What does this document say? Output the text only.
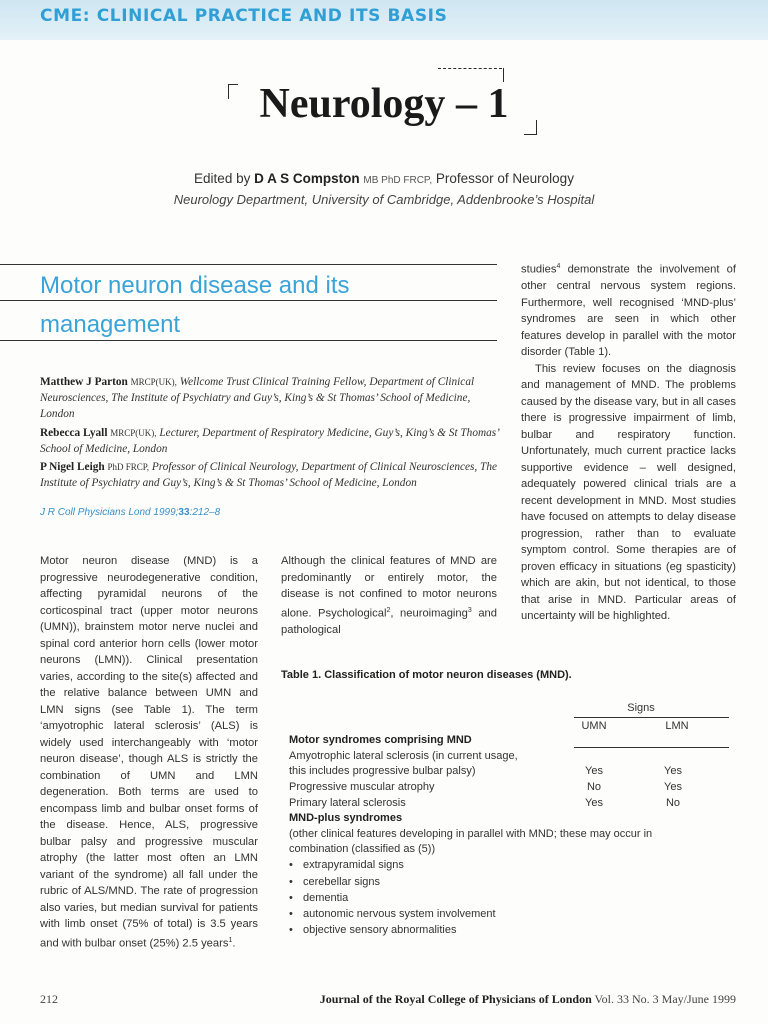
CME: CLINICAL PRACTICE AND ITS BASIS
Neurology – 1
Edited by D A S Compston MB PhD FRCP, Professor of Neurology
Neurology Department, University of Cambridge, Addenbrooke’s Hospital
Motor neuron disease and its
management
Matthew J Parton MRCP(UK), Wellcome Trust Clinical Training Fellow, Department of Clinical Neurosciences, The Institute of Psychiatry and Guy’s, King’s & St Thomas’ School of Medicine, London
Rebecca Lyall MRCP(UK), Lecturer, Department of Respiratory Medicine, Guy’s, King’s & St Thomas’ School of Medicine, London
P Nigel Leigh PhD FRCP, Professor of Clinical Neurology, Department of Clinical Neurosciences, The Institute of Psychiatry and Guy’s, King’s & St Thomas’ School of Medicine, London
J R Coll Physicians Lond 1999;33:212–8
Motor neuron disease (MND) is a progressive neurodegenerative condition, affecting pyramidal neurons of the corticospinal tract (upper motor neurons (UMN)), brainstem motor nerve nuclei and spinal cord anterior horn cells (lower motor neurons (LMN)). Clinical presentation varies, according to the site(s) affected and the relative balance between UMN and LMN signs (see Table 1). The term ‘amyotrophic lateral sclerosis’ (ALS) is widely used interchangeably with ‘motor neuron disease’, though ALS is strictly the combination of UMN and LMN degeneration. Both terms are used to encompass limb and bulbar onset forms of the disease. Hence, ALS, progressive bulbar palsy and progressive muscular atrophy (the latter most often an LMN variant of the syndrome) all fall under the rubric of ALS/MND. The rate of progression also varies, but median survival for patients with limb onset (75% of total) is 3.5 years and with bulbar onset (25%) 2.5 years$^1$.
Although the clinical features of MND are predominantly or entirely motor, the disease is not confined to motor neurons alone. Psychological$^2$, neuroimaging$^3$ and pathological

studies$^4$ demonstrate the involvement of other central nervous system regions. Furthermore, well recognised ‘MND-plus’ syndromes are seen in which other features develop in parallel with the motor disorder (Table 1).

This review focuses on the diagnosis and management of MND. The problems caused by the disease vary, but in all cases there is progressive impairment of limb, bulbar and respiratory function. Unfortunately, much current practice lacks supportive evidence – well designed, adequately powered clinical trials are a recent development in MND. Most studies have focused on attempts to delay disease progression, rather than to evaluate symptom control. Some therapies are of proven efficacy in situations (eg spasticity) which are akin, but not identical, to those that arise in MND. Particular areas of uncertainty will be highlighted.

Table 1. Classification of motor neuron diseases (MND).
Signs
UMN	LMN
Motor syndromes comprising MND
Amyotrophic lateral sclerosis (in current usage,
this includes progressive bulbar palsy)	Yes	Yes
Progressive muscular atrophy	No	Yes
Primary lateral sclerosis	Yes	No
MND-plus syndromes
(other clinical features developing in parallel with MND; these may occur in
combination (classified as (5))
• extrapyramidal signs
• cerebellar signs
• dementia
• autonomic nervous system involvement
• objective sensory abnormalities
212	Journal of the Royal College of Physicians of London Vol. 33 No. 3 May/June 1999
